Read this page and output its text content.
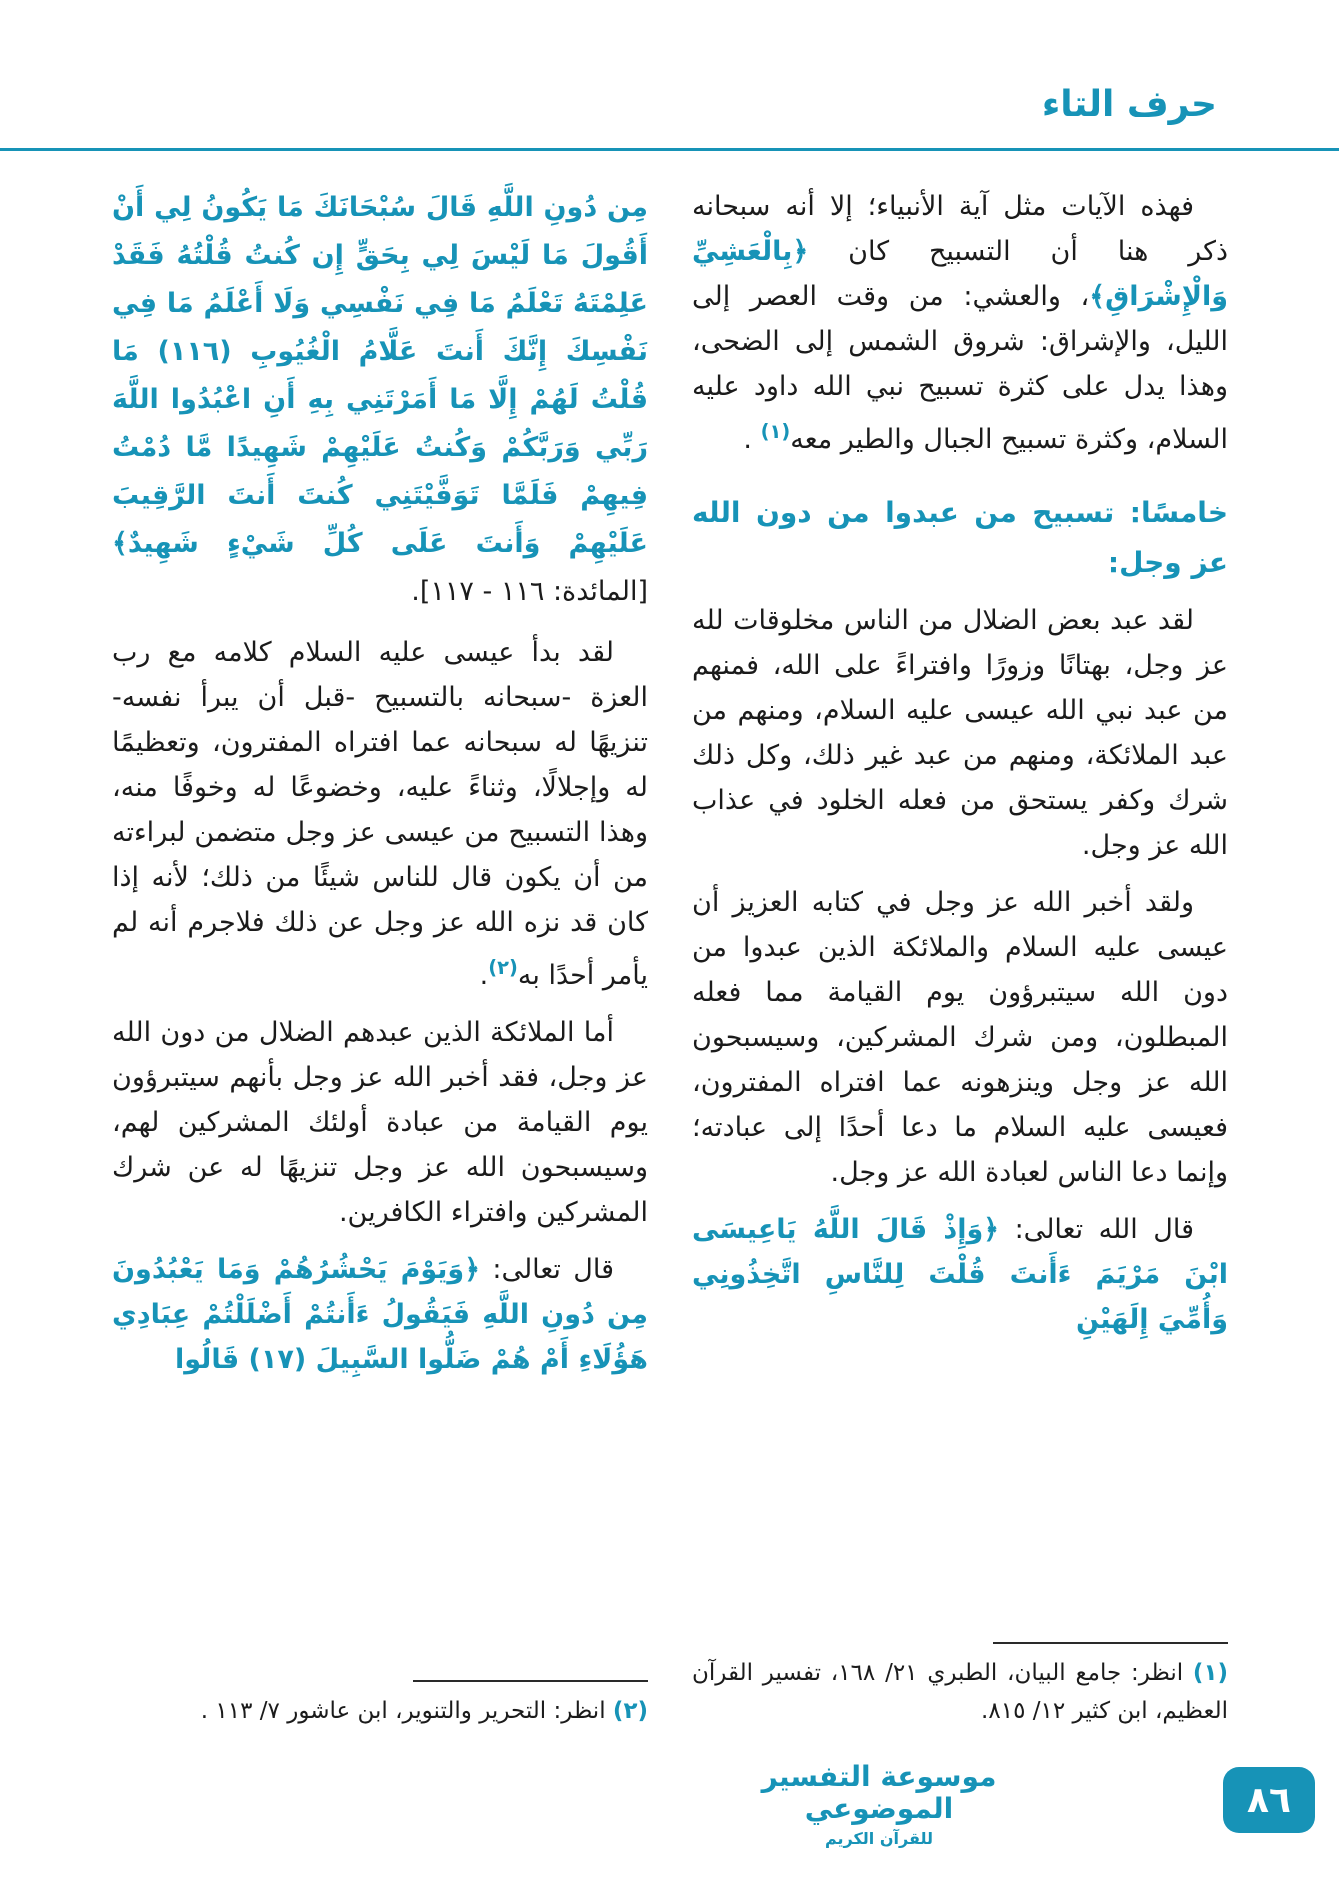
حرف التاء

فهذه الآيات مثل آية الأنبياء؛ إلا أنه سبحانه ذكر هنا أن التسبيح كان ﴿بِالْعَشِيِّ وَالْإِشْرَاقِ﴾، والعشي: من وقت العصر إلى الليل، والإشراق: شروق الشمس إلى الضحى، وهذا يدل على كثرة تسبيح نبي الله داود عليه السلام، وكثرة تسبيح الجبال والطير معه$^{(١)}$ .

خامسًا: تسبيح من عبدوا من دون الله عز وجل:

لقد عبد بعض الضلال من الناس مخلوقات لله عز وجل، بهتانًا وزورًا وافتراءً على الله، فمنهم من عبد نبي الله عيسى عليه السلام، ومنهم من عبد الملائكة، ومنهم من عبد غير ذلك، وكل ذلك شرك وكفر يستحق من فعله الخلود في عذاب الله عز وجل.

ولقد أخبر الله عز وجل في كتابه العزيز أن عيسى عليه السلام والملائكة الذين عبدوا من دون الله سيتبرؤون يوم القيامة مما فعله المبطلون، ومن شرك المشركين، وسيسبحون الله عز وجل وينزهونه عما افتراه المفترون، فعيسى عليه السلام ما دعا أحدًا إلى عبادته؛ وإنما دعا الناس لعبادة الله عز وجل.

قال الله تعالى: ﴿وَإِذْ قَالَ اللَّهُ يَاعِيسَى ابْنَ مَرْيَمَ ءَأَنتَ قُلْتَ لِلنَّاسِ اتَّخِذُونِي وَأُمِّيَ إِلَهَيْنِ

(١) انظر: جامع البيان، الطبري ٢١/ ١٦٨، تفسير القرآن العظيم، ابن كثير ١٢/ ٨١٥.

مِن دُونِ اللَّهِ قَالَ سُبْحَانَكَ مَا يَكُونُ لِي أَنْ أَقُولَ مَا لَيْسَ لِي بِحَقٍّ إِن كُنتُ قُلْتُهُ فَقَدْ عَلِمْتَهُ تَعْلَمُ مَا فِي نَفْسِي وَلَا أَعْلَمُ مَا فِي نَفْسِكَ إِنَّكَ أَنتَ عَلَّامُ الْغُيُوبِ (١١٦) مَا قُلْتُ لَهُمْ إِلَّا مَا أَمَرْتَنِي بِهِ أَنِ اعْبُدُوا اللَّهَ رَبِّي وَرَبَّكُمْ وَكُنتُ عَلَيْهِمْ شَهِيدًا مَّا دُمْتُ فِيهِمْ فَلَمَّا تَوَفَّيْتَنِي كُنتَ أَنتَ الرَّقِيبَ عَلَيْهِمْ وَأَنتَ عَلَى كُلِّ شَيْءٍ شَهِيدٌ﴾ [المائدة: ١١٦ - ١١٧].

لقد بدأ عيسى عليه السلام كلامه مع رب العزة -سبحانه بالتسبيح -قبل أن يبرأ نفسه- تنزيهًا له سبحانه عما افتراه المفترون، وتعظيمًا له وإجلالًا، وثناءً عليه، وخضوعًا له وخوفًا منه، وهذا التسبيح من عيسى عز وجل متضمن لبراءته من أن يكون قال للناس شيئًا من ذلك؛ لأنه إذا كان قد نزه الله عز وجل عن ذلك فلاجرم أنه لم يأمر أحدًا به$^{(٢)}$.

أما الملائكة الذين عبدهم الضلال من دون الله عز وجل، فقد أخبر الله عز وجل بأنهم سيتبرؤون يوم القيامة من عبادة أولئك المشركين لهم، وسيسبحون الله عز وجل تنزيهًا له عن شرك المشركين وافتراء الكافرين.

قال تعالى: ﴿وَيَوْمَ يَحْشُرُهُمْ وَمَا يَعْبُدُونَ مِن دُونِ اللَّهِ فَيَقُولُ ءَأَنتُمْ أَضْلَلْتُمْ عِبَادِي هَؤُلَاءِ أَمْ هُمْ ضَلُّوا السَّبِيلَ (١٧) قَالُوا

(٢) انظر: التحرير والتنوير، ابن عاشور ٧/ ١١٣ .

موسوعة التفسير الموضوعي
للقرآن الكريم
٨٦
